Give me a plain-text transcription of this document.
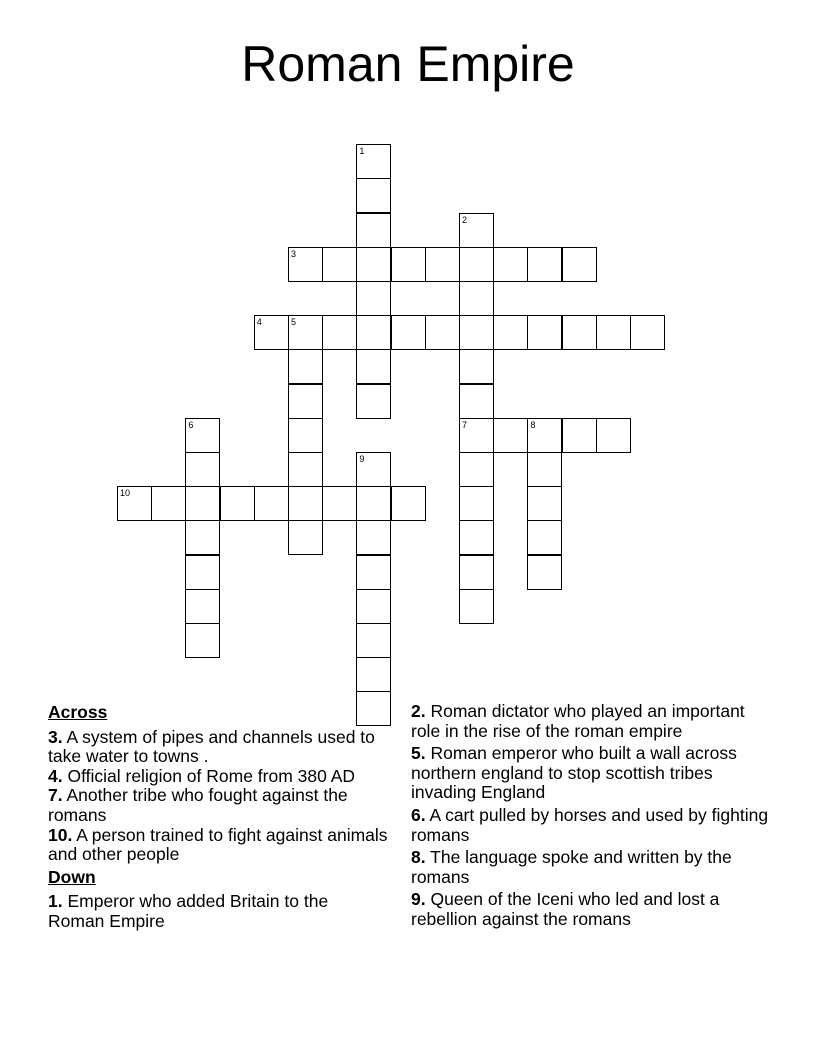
Roman Empire
1
2
3
4	5
6	7	8
9
10
Across
3. A system of pipes and channels used to take water to towns .
4. Official religion of Rome from 380 AD
7. Another tribe who fought against the romans
10. A person trained to fight against animals and other people
Down
1. Emperor who added Britain to the Roman Empire
2. Roman dictator who played an important role in the rise of the roman empire
5. Roman emperor who built a wall across northern england to stop scottish tribes invading England
6. A cart pulled by horses and used by fighting romans
8. The language spoke and written by the romans
9. Queen of the Iceni who led and lost a rebellion against the romans
